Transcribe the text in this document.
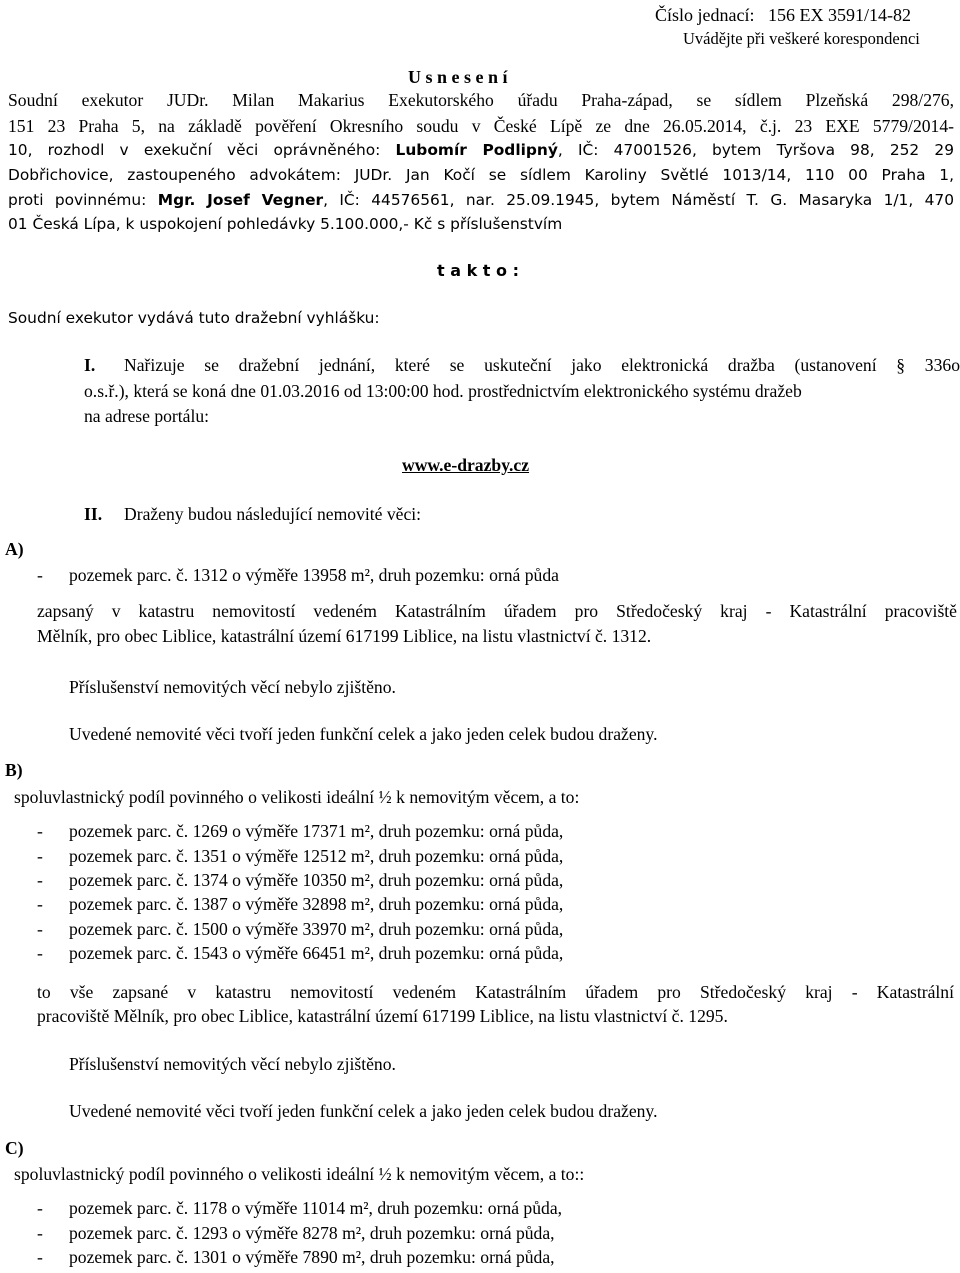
Číslo jednací: 156 EX 3591/14-82
Uvádějte při veškeré korespondenci
U s n e s e n í
Soudní exekutor JUDr. Milan Makarius Exekutorského úřadu Praha-západ, se sídlem Plzeňská 298/276,
151 23 Praha 5, na základě pověření Okresního soudu v České Lípě ze dne 26.05.2014, č.j. 23 EXE 5779/2014-
10, rozhodl v exekuční věci oprávněného: Lubomír Podlipný, IČ: 47001526, bytem Tyršova 98, 252 29
Dobřichovice, zastoupeného advokátem: JUDr. Jan Kočí se sídlem Karoliny Světlé 1013/14, 110 00 Praha 1,
proti povinnému: Mgr. Josef Vegner, IČ: 44576561, nar. 25.09.1945, bytem Náměstí T. G. Masaryka 1/1, 470
01 Česká Lípa, k uspokojení pohledávky 5.100.000,- Kč s příslušenstvím
t a k t o :
Soudní exekutor vydává tuto dražební vyhlášku:
I. Nařizuje se dražební jednání, které se uskuteční jako elektronická dražba (ustanovení § 336o
o.s.ř.), která se koná dne 01.03.2016 od 13:00:00 hod. prostřednictvím elektronického systému dražeb
na adrese portálu:
www.e-drazby.cz
II. Draženy budou následující nemovité věci:
A)
- pozemek parc. č. 1312 o výměře 13958 m², druh pozemku: orná půda
zapsaný v katastru nemovitostí vedeném Katastrálním úřadem pro Středočeský kraj - Katastrální pracoviště
Mělník, pro obec Liblice, katastrální území 617199 Liblice, na listu vlastnictví č. 1312.
Příslušenství nemovitých věcí nebylo zjištěno.
Uvedené nemovité věci tvoří jeden funkční celek a jako jeden celek budou draženy.
B)
spoluvlastnický podíl povinného o velikosti ideální ½ k nemovitým věcem, a to:
- pozemek parc. č. 1269 o výměře 17371 m², druh pozemku: orná půda,
- pozemek parc. č. 1351 o výměře 12512 m², druh pozemku: orná půda,
- pozemek parc. č. 1374 o výměře 10350 m², druh pozemku: orná půda,
- pozemek parc. č. 1387 o výměře 32898 m², druh pozemku: orná půda,
- pozemek parc. č. 1500 o výměře 33970 m², druh pozemku: orná půda,
- pozemek parc. č. 1543 o výměře 66451 m², druh pozemku: orná půda,
to vše zapsané v katastru nemovitostí vedeném Katastrálním úřadem pro Středočeský kraj - Katastrální
pracoviště Mělník, pro obec Liblice, katastrální území 617199 Liblice, na listu vlastnictví č. 1295.
Příslušenství nemovitých věcí nebylo zjištěno.
Uvedené nemovité věci tvoří jeden funkční celek a jako jeden celek budou draženy.
C)
spoluvlastnický podíl povinného o velikosti ideální ½ k nemovitým věcem, a to::
- pozemek parc. č. 1178 o výměře 11014 m², druh pozemku: orná půda,
- pozemek parc. č. 1293 o výměře 8278 m², druh pozemku: orná půda,
- pozemek parc. č. 1301 o výměře 7890 m², druh pozemku: orná půda,
